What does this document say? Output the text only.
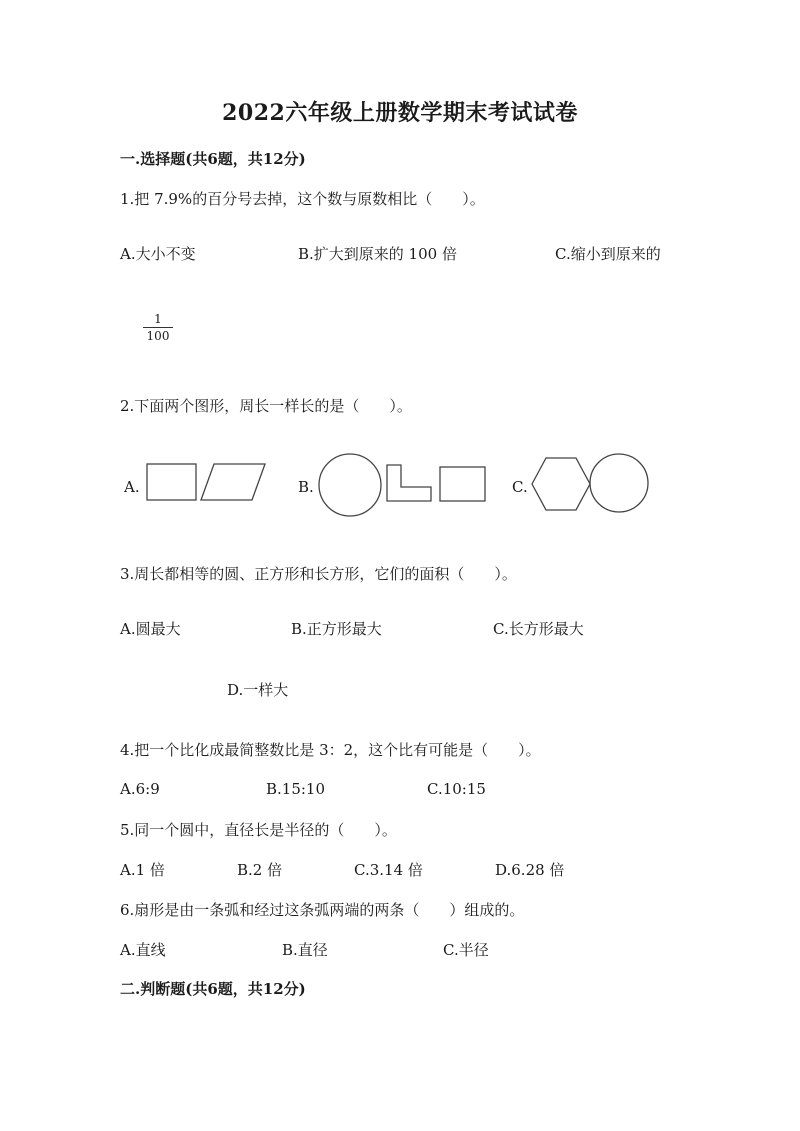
2022六年级上册数学期末考试试卷
一.选择题(共6题，共12分)
1.把 7.9%的百分号去掉，这个数与原数相比（　　）。
A.大小不变	B.扩大到原来的 100 倍	C.缩小到原来的
1
100
2.下面两个图形，周长一样长的是（　　）。
A.	B.	C.
3.周长都相等的圆、正方形和长方形，它们的面积（　　）。
A.圆最大	B.正方形最大	C.长方形最大
D.一样大
4.把一个比化成最简整数比是 3：2，这个比有可能是（　　）。
A.6:9	B.15:10	C.10:15
5.同一个圆中，直径长是半径的（　　）。
A.1 倍	B.2 倍	C.3.14 倍	D.6.28 倍
6.扇形是由一条弧和经过这条弧两端的两条（　　）组成的。
A.直线	B.直径	C.半径
二.判断题(共6题，共12分)
